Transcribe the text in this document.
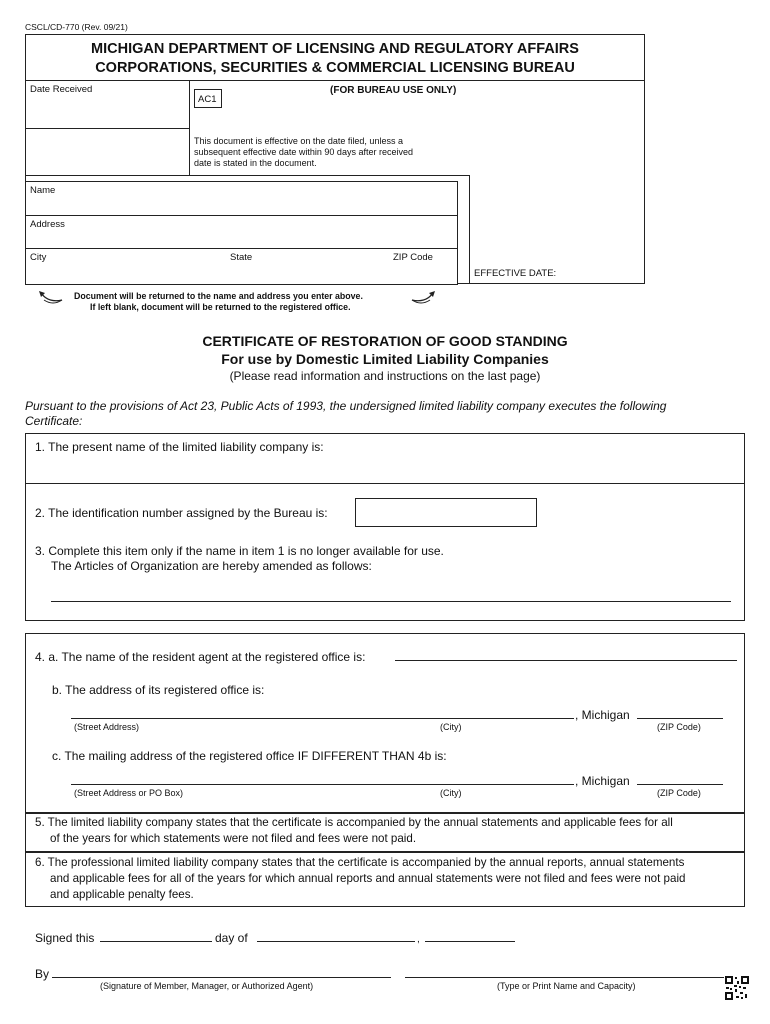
CSCL/CD-770 (Rev. 09/21)
MICHIGAN DEPARTMENT OF LICENSING AND REGULATORY AFFAIRS
CORPORATIONS, SECURITIES & COMMERCIAL LICENSING BUREAU
Date Received	(FOR BUREAU USE ONLY)
AC1
This document is effective on the date filed, unless a
subsequent effective date within 90 days after received
date is stated in the document.
EFFECTIVE DATE:
Name
Address
City	State	ZIP Code
Document will be returned to the name and address you enter above.
If left blank, document will be returned to the registered office.
CERTIFICATE OF RESTORATION OF GOOD STANDING
For use by Domestic Limited Liability Companies
(Please read information and instructions on the last page)
Pursuant to the provisions of Act 23, Public Acts of 1993, the undersigned limited liability company executes the following
Certificate:
1. The present name of the limited liability company is:
2. The identification number assigned by the Bureau is:
3. Complete this item only if the name in item 1 is no longer available for use.
The Articles of Organization are hereby amended as follows:
4. a. The name of the resident agent at the registered office is:
b. The address of its registered office is:
, Michigan
(Street Address)	(City)	(ZIP Code)
c. The mailing address of the registered office IF DIFFERENT THAN 4b is:
, Michigan
(Street Address or PO Box)	(City)	(ZIP Code)
5. The limited liability company states that the certificate is accompanied by the annual statements and applicable fees for all
of the years for which statements were not filed and fees were not paid.
6. The professional limited liability company states that the certificate is accompanied by the annual reports, annual statements
and applicable fees for all of the years for which annual reports and annual statements were not filed and fees were not paid
and applicable penalty fees.
Signed this	day of	,
By
(Signature of Member, Manager, or Authorized Agent)	(Type or Print Name and Capacity)
